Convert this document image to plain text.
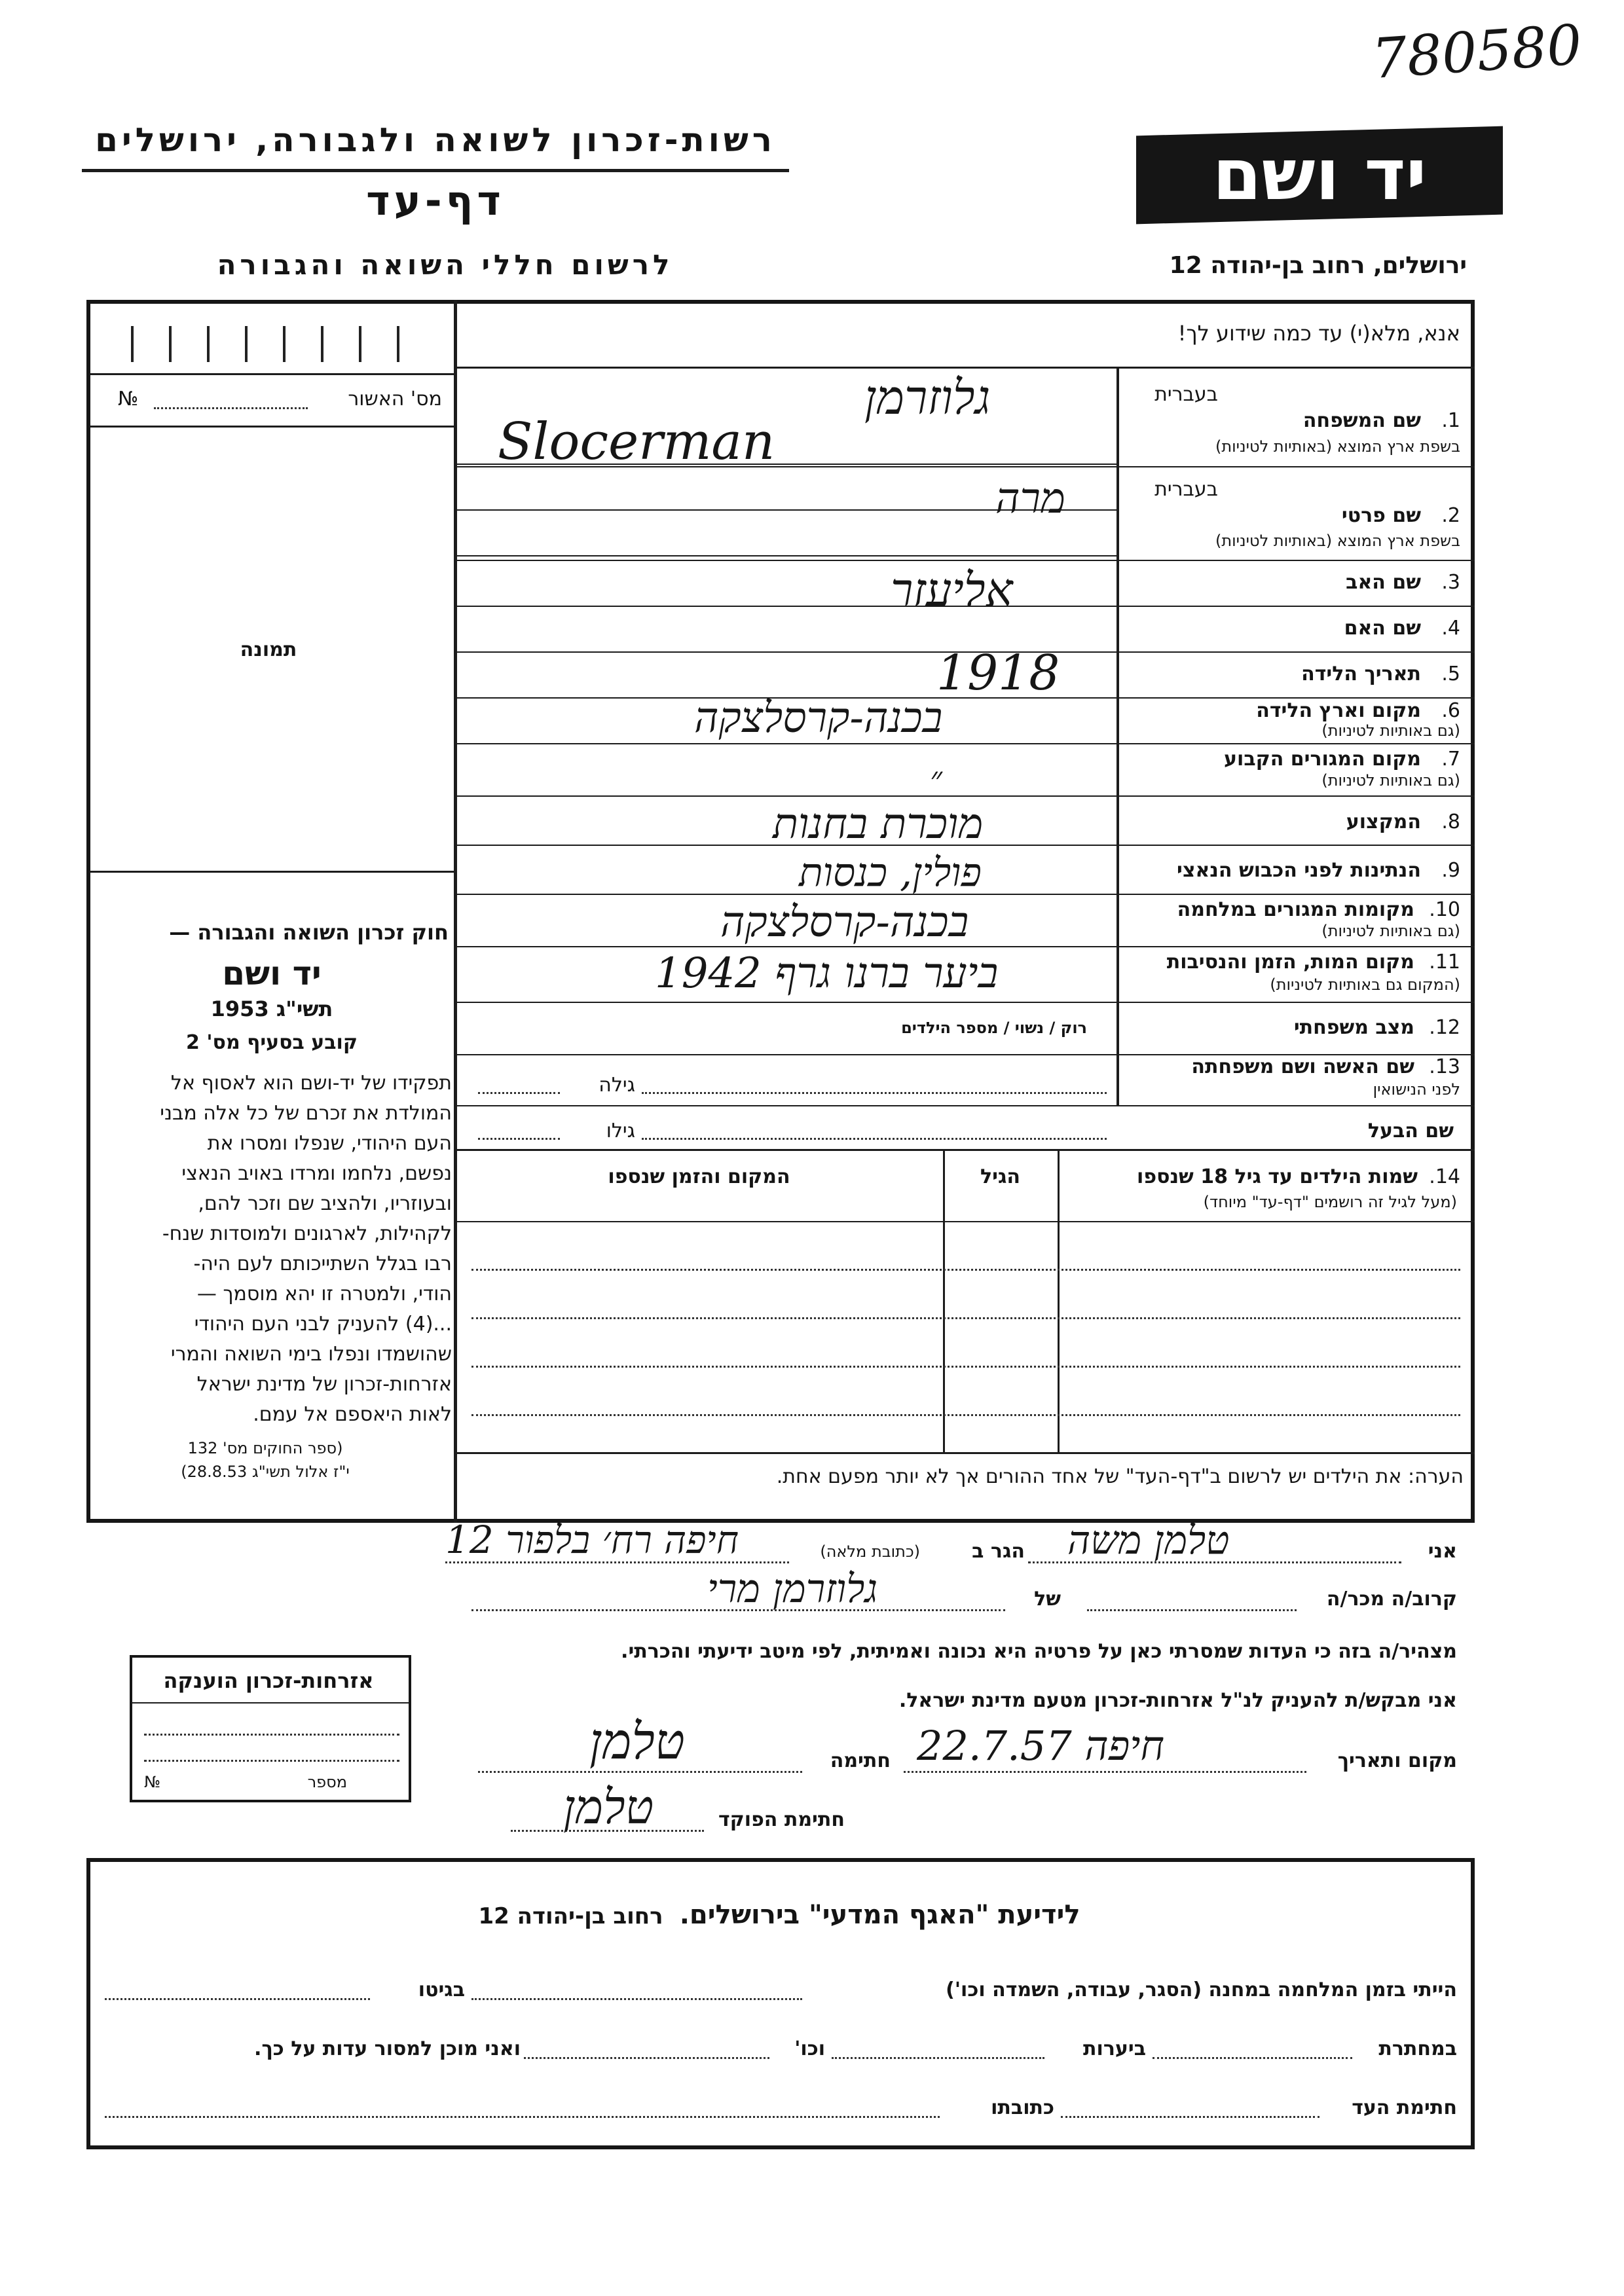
780580
רשות-זכרון לשואה ולגבורה, ירושלים
דף-עד
לרשום חללי השואה והגבורה
יד ושם
ירושלים, רחוב בן-יהודה 12
אנא, מלא(י) עד כמה שידוע לך!
מס' האשור
№
תמונה
חוק זכרון השואה והגבורה —
יד ושם
תשי"ג 1953
קובע בסעיף מס' 2
תפקידו של יד-ושם הוא לאסוף אל
המולדת את זכרם של כל אלה מבני
העם היהודי, שנפלו ומסרו את
נפשם, נלחמו ומרדו באויב הנאצי
ובעוזריו, ולהציב שם וזכר להם,
לקהילות, לארגונים ולמוסדות שנח-
רבו בגלל השתייכותם לעם היה-
הודי, ולמטרה זו יהא מוסמך —
...(4) להעניק לבני העם היהודי
שהושמדו ונפלו בימי השואה והמרי
אזרחות-זכרון של מדינת ישראל
לאות היאספם אל עמם.
(ספר החוקים מס' 132
י"ז אלול תשי"ג 28.8.53)
בעברית
1.
שם המשפחה
בשפת ארץ המוצא (באותיות לטיניות)
גלוזרמן
Slocerman
בעברית
2.
שם פרטי
בשפת ארץ המוצא (באותיות לטיניות)
מרה
3.
שם האב
אליעזר
4.
שם האם
5.
תאריך הלידה
1918
6.
מקום וארץ הלידה
(גם באותיות לטיניות)
בכנה-קרסלצקה
7.
מקום המגורים הקבוע
(גם באותיות לטיניות)
״
8.
המקצוע
מוכרת בחנות
9.
הנתינות לפני הכבוש הנאצי
פולין, כנסות
10.
מקומות המגורים במלחמה
(גם באותיות לטיניות)
בכנה-קרסלצקה
11.
מקום המות, הזמן והנסיבות
(המקום גם באותיות לטיניות)
ביער ברנו גרף 1942
12.
מצב משפחתי
רוק / נשוי / מספר הילדים
13.
שם האשה ושם משפחתה
לפני הנישואין
גילה
שם הבעל
גילו
14.
שמות הילדים עד גיל 18 שנספו
(מעל לגיל זה רושמים "דף-עד" מיוחד)
הגיל
המקום והזמן שנספו
הערה: את הילדים יש לרשום ב"דף-העד" של אחד ההורים אך לא יותר מפעם אחת.
אני
טלמן משה
הגר ב
(כתובת מלאה)
חיפה רח׳ בלפור 12
קרוב/ה מכר/ה
של
גלוזרמן מרי
מצהיר/ה בזה כי העדות שמסרתי כאן על פרטיה היא נכונה ואמיתית, לפי מיטב ידיעתי והכרתי.
אני מבקש/ת להעניק לנ"ל אזרחות-זכרון מטעם מדינת ישראל.
מקום ותאריך
חיפה 22.7.57
חתימה
טלמן
חתימת הפוקד
טלמן
אזרחות-זכרון הוענקה
מספר
№
לידיעת "האגף המדעי" בירושלים. רחוב בן-יהודה 12
הייתי בזמן המלחמה במחנה (הסגר, עבודה, השמדה וכו')
בגיטו
במחתרת
ביערות
וכו'
ואני מוכן למסור עדות על כך.
חתימת העד
כתובתו
